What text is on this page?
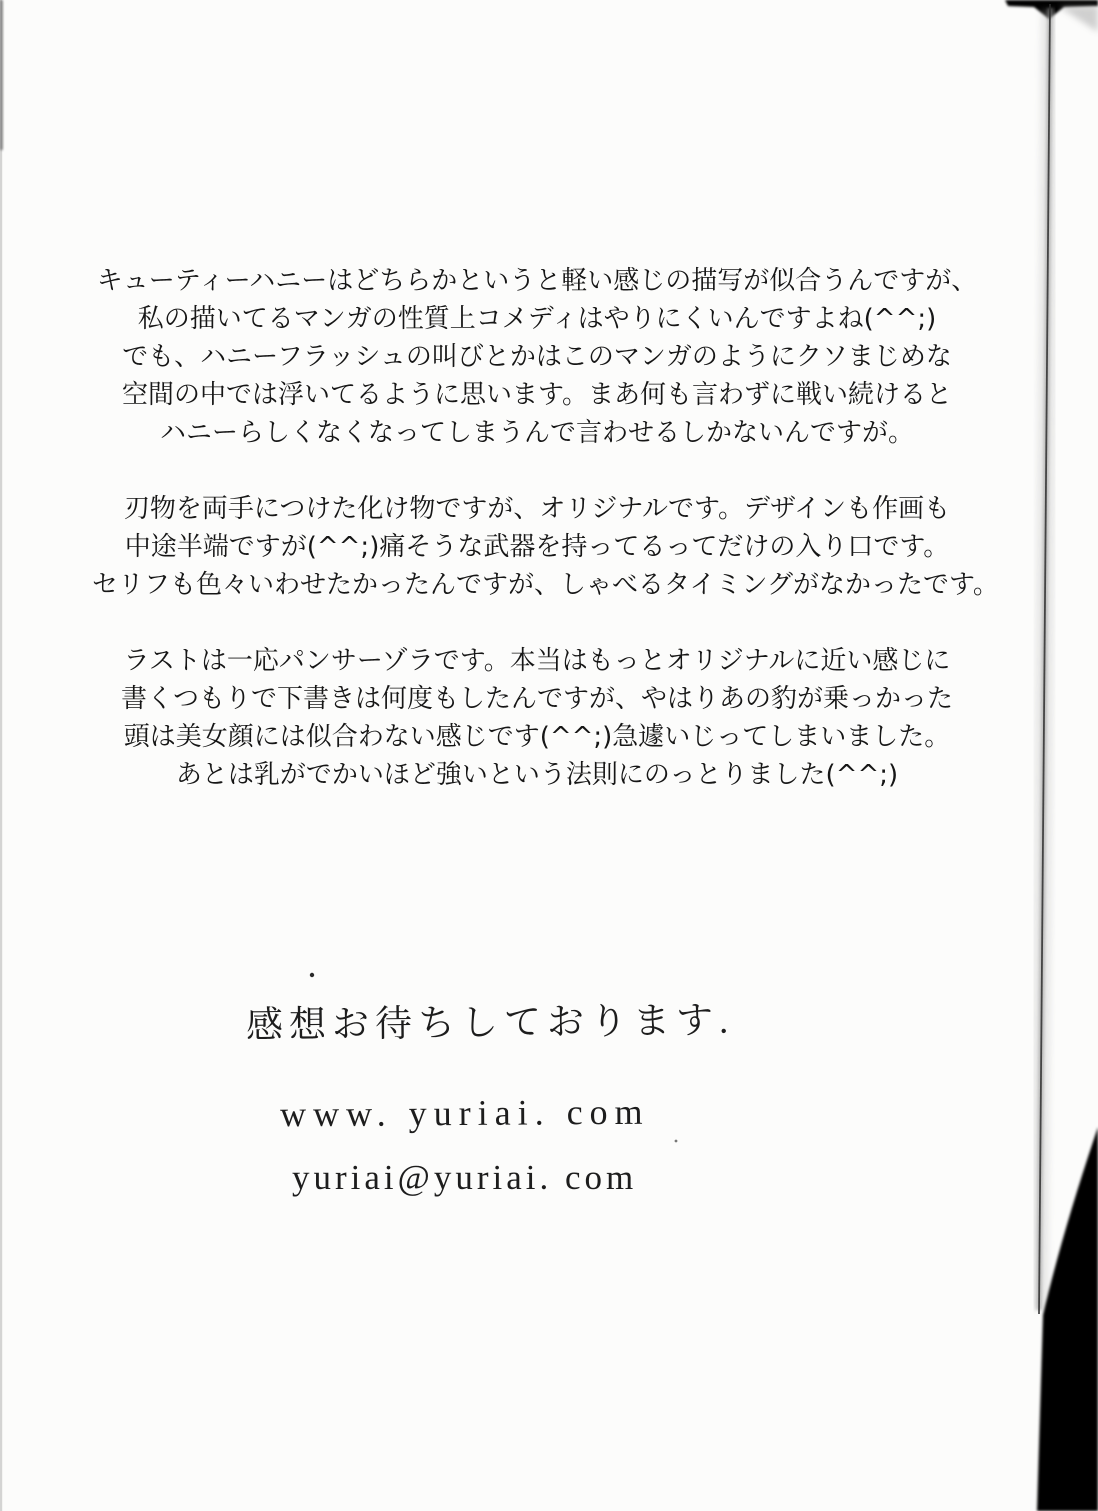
キューティーハニーはどちらかというと軽い感じの描写が似合うんですが、
私の描いてるマンガの性質上コメディはやりにくいんですよね(^^;)
でも、ハニーフラッシュの叫びとかはこのマンガのようにクソまじめな
空間の中では浮いてるように思います。まあ何も言わずに戦い続けると
ハニーらしくなくなってしまうんで言わせるしかないんですが。

刃物を両手につけた化け物ですが、オリジナルです。デザインも作画も
中途半端ですが(^^;)痛そうな武器を持ってるってだけの入り口です。
セリフも色々いわせたかったんですが、しゃべるタイミングがなかったです。

ラストは一応パンサーゾラです。本当はもっとオリジナルに近い感じに
書くつもりで下書きは何度もしたんですが、やはりあの豹が乗っかった
頭は美女顔には似合わない感じです(^^;)急遽いじってしまいました。
あとは乳がでかいほど強いという法則にのっとりました(^^;)

感想お待ちしております.
www. yuriai. com
yuriai@yuriai. com
